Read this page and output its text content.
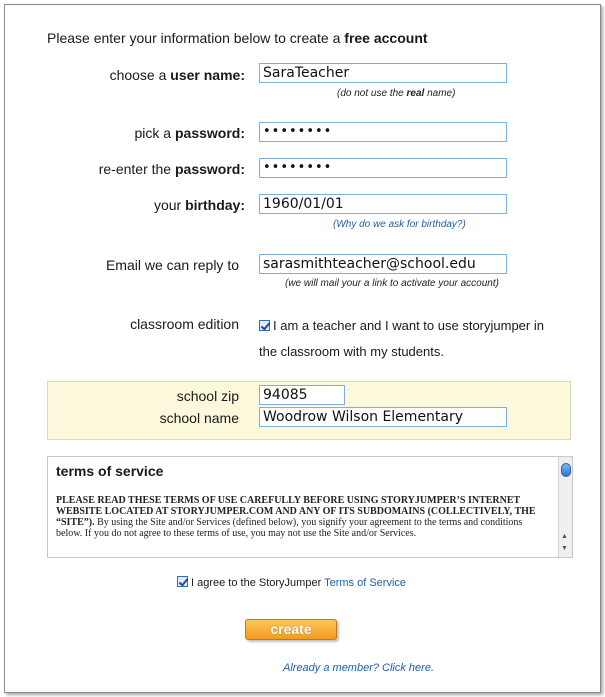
Please enter your information below to create a free account
choose a user name: SaraTeacher
(do not use the real name)
pick a password:	••••••••
re-enter the password:	••••••••
your birthday: 1960/01/01
(Why do we ask for birthday?)
Email we can reply to sarasmithteacher@school.edu
(we will mail your a link to activate your account)
classroom edition	I am a teacher and I want to use storyjumper in
the classroom with my students.
school zip 94085
school name Woodrow Wilson Elementary
terms of service
PLEASE READ THESE TERMS OF USE CAREFULLY BEFORE USING STORYJUMPER’S INTERNET WEBSITE LOCATED AT STORYJUMPER.COM AND ANY OF ITS SUBDOMAINS (COLLECTIVELY, THE “SITE”). By using the Site and/or Services (defined below), you signify your agreement to the terms and conditions below. If you do not agree to these terms of use, you may not use the Site and/or Services.	▲
▼
I agree to the StoryJumper Terms of Service
create
Already a member? Click here.
